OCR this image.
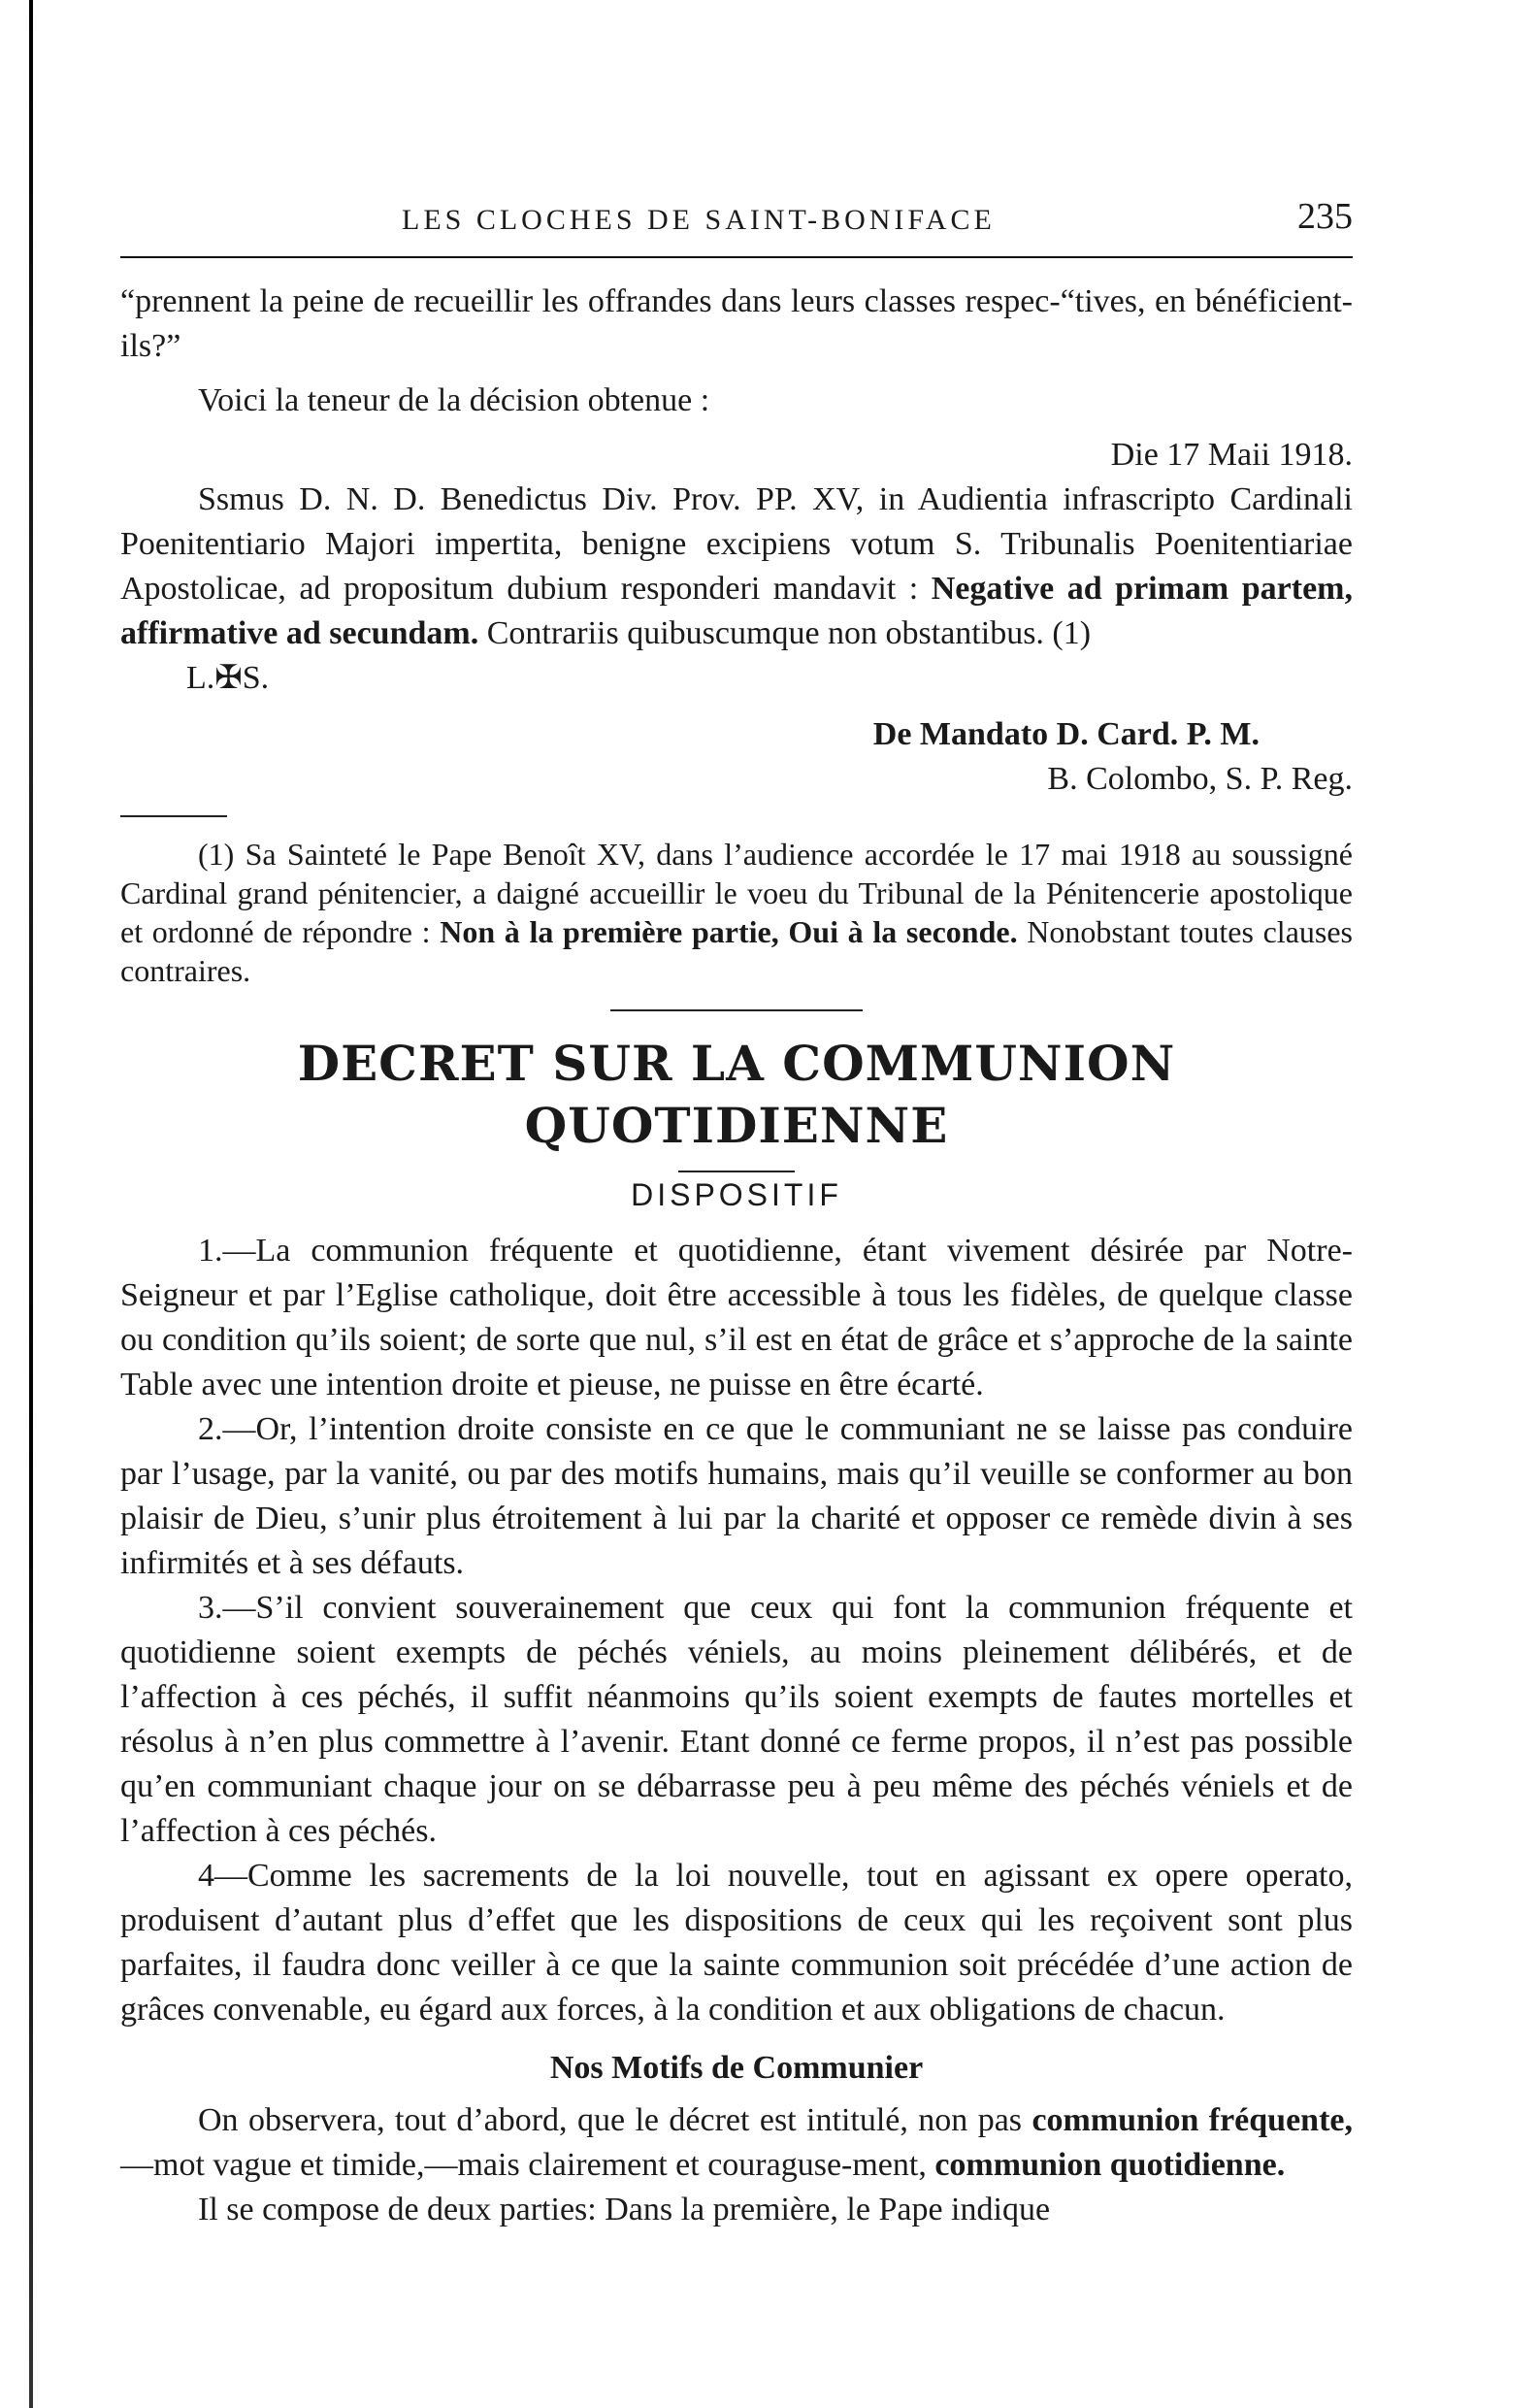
LES CLOCHES DE SAINT-BONIFACE	235

“prennent la peine de recueillir les offrandes dans leurs classes respec-“tives, en bénéficient-ils?”

Voici la teneur de la décision obtenue :

Die 17 Maii 1918.

Ssmus D. N. D. Benedictus Div. Prov. PP. XV, in Audientia infrascripto Cardinali Poenitentiario Majori impertita, benigne excipiens votum S. Tribunalis Poenitentiariae Apostolicae, ad propositum dubium responderi mandavit : Negative ad primam partem, affirmative ad secundam. Contrariis quibuscumque non obstantibus. (1)

L.✠S.

De Mandato D. Card. P. M.

B. Colombo, S. P. Reg.

(1) Sa Sainteté le Pape Benoît XV, dans l’audience accordée le 17 mai 1918 au soussigné Cardinal grand pénitencier, a daigné accueillir le voeu du Tribunal de la Pénitencerie apostolique et ordonné de répondre : Non à la première partie, Oui à la seconde. Nonobstant toutes clauses contraires.

DECRET SUR LA COMMUNION QUOTIDIENNE
DISPOSITIF

1.—La communion fréquente et quotidienne, étant vivement désirée par Notre-Seigneur et par l’Eglise catholique, doit être accessible à tous les fidèles, de quelque classe ou condition qu’ils soient; de sorte que nul, s’il est en état de grâce et s’approche de la sainte Table avec une intention droite et pieuse, ne puisse en être écarté.

2.—Or, l’intention droite consiste en ce que le communiant ne se laisse pas conduire par l’usage, par la vanité, ou par des motifs humains, mais qu’il veuille se conformer au bon plaisir de Dieu, s’unir plus étroitement à lui par la charité et opposer ce remède divin à ses infirmités et à ses défauts.

3.—S’il convient souverainement que ceux qui font la communion fréquente et quotidienne soient exempts de péchés véniels, au moins pleinement délibérés, et de l’affection à ces péchés, il suffit néanmoins qu’ils soient exempts de fautes mortelles et résolus à n’en plus commettre à l’avenir. Etant donné ce ferme propos, il n’est pas possible qu’en communiant chaque jour on se débarrasse peu à peu même des péchés véniels et de l’affection à ces péchés.

4—Comme les sacrements de la loi nouvelle, tout en agissant ex opere operato, produisent d’autant plus d’effet que les dispositions de ceux qui les reçoivent sont plus parfaites, il faudra donc veiller à ce que la sainte communion soit précédée d’une action de grâces convenable, eu égard aux forces, à la condition et aux obligations de chacun.

Nos Motifs de Communier

On observera, tout d’abord, que le décret est intitulé, non pas communion fréquente,—mot vague et timide,—mais clairement et couraguse-ment, communion quotidienne.

Il se compose de deux parties: Dans la première, le Pape indique
